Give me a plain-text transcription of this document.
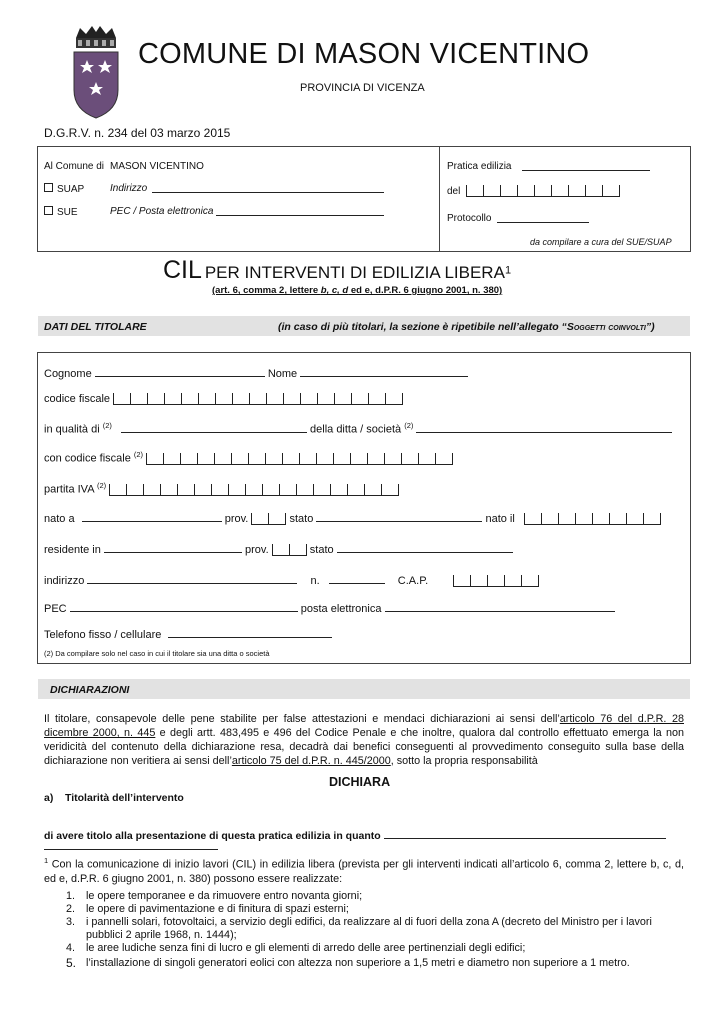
COMUNE DI MASON VICENTINO
PROVINCIA DI VICENZA
D.G.R.V. n. 234 del 03 marzo 2015
Al Comune di MASON VICENTINO
SUAP	Indirizzo
SUE	PEC / Posta elettronica
Pratica edilizia
del
Protocollo
da compilare a cura del SUE/SUAP
CIL PER INTERVENTI DI EDILIZIA LIBERA1
(art. 6, comma 2, lettere b, c, d ed e, d.P.R. 6 giugno 2001, n. 380)
DATI DEL TITOLARE	(in caso di più titolari, la sezione è ripetibile nell’allegato “Soggetti coinvolti”)
Cognome	Nome
codice fiscale
in qualità di $^{(2)}$	della ditta / società $^{(2)}$
con codice fiscale $^{(2)}$
partita IVA $^{(2)}$
nato a	prov.	stato	nato il
residente in	prov.	stato
indirizzo	n.	C.A.P.
PEC	posta elettronica
Telefono fisso / cellulare
(2) Da compilare solo nel caso in cui il titolare sia una ditta o società
DICHIARAZIONI
Il titolare, consapevole delle pene stabilite per false attestazioni e mendaci dichiarazioni ai sensi dell’articolo 76 del d.P.R. 28 dicembre 2000, n. 445 e degli artt. 483,495 e 496 del Codice Penale e che inoltre, qualora dal controllo effettuato emerga la non veridicità del contenuto della dichiarazione resa, decadrà dai benefici conseguenti al provvedimento conseguito sulla base della dichiarazione non veritiera ai sensi dell’articolo 75 del d.P.R. n. 445/2000, sotto la propria responsabilità
DICHIARA
a)    Titolarità dell’intervento
di avere titolo alla presentazione di questa pratica edilizia in quanto
$^1$ Con la comunicazione di inizio lavori (CIL) in edilizia libera (prevista per gli interventi indicati all’articolo 6, comma 2, lettere b, c, d, ed e, d.P.R. 6 giugno 2001, n. 380) possono essere realizzate:
1. le opere temporanee e da rimuovere entro novanta giorni;
2. le opere di pavimentazione e di finitura di spazi esterni;
3. i pannelli solari, fotovoltaici, a servizio degli edifici, da realizzare al di fuori della zona A (decreto del Ministro per i lavori pubblici 2 aprile 1968, n. 1444);
4. le aree ludiche senza fini di lucro e gli elementi di arredo delle aree pertinenziali degli edifici;
5. l’installazione di singoli generatori eolici con altezza non superiore a 1,5 metri e diametro non superiore a 1 metro.
